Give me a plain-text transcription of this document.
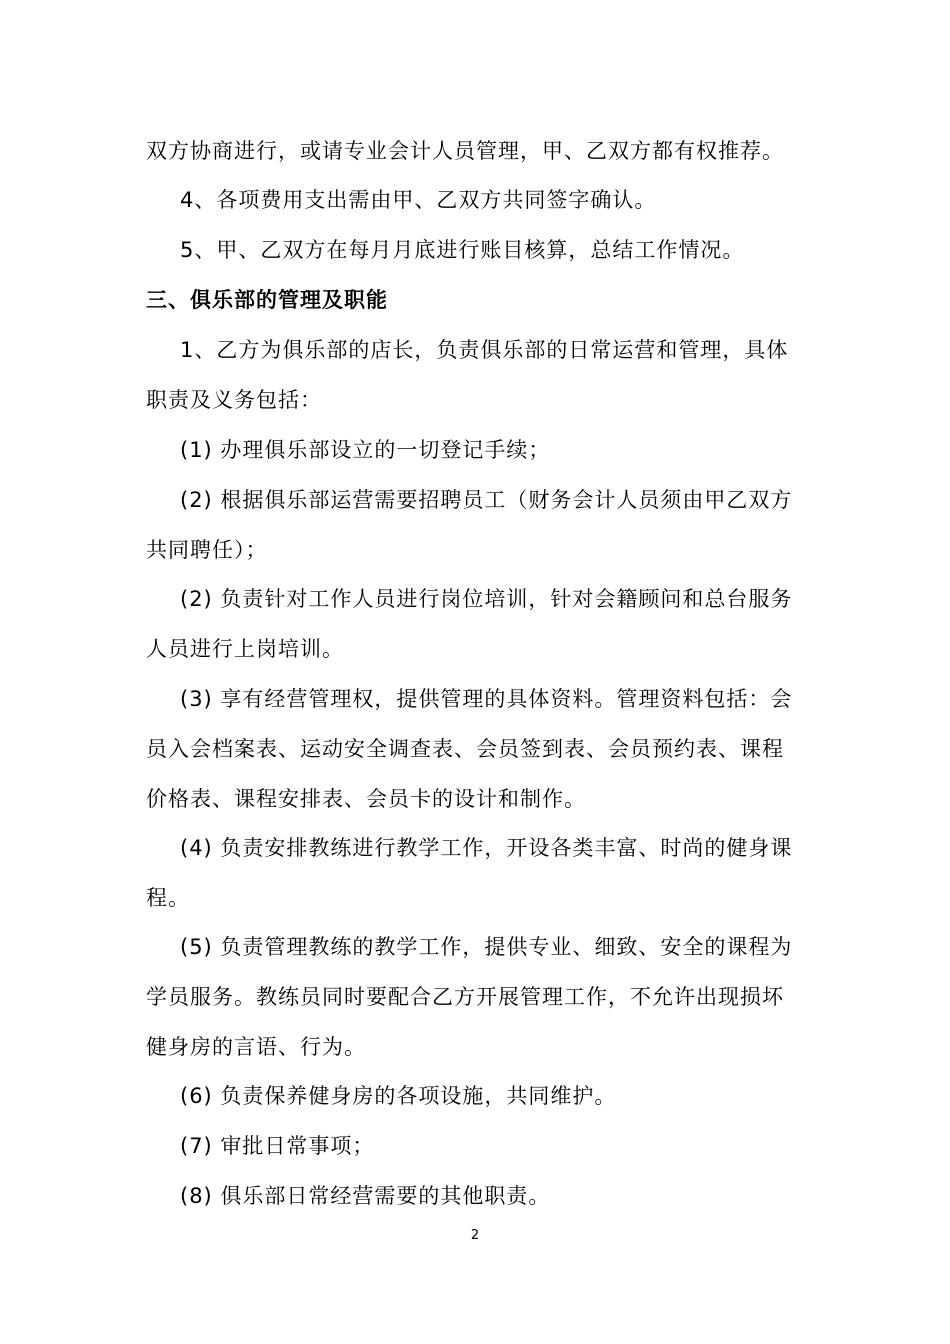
双方协商进行，或请专业会计人员管理，甲、乙双方都有权推荐。
4、各项费用支出需由甲、乙双方共同签字确认。
5、甲、乙双方在每月月底进行账目核算，总结工作情况。
三、俱乐部的管理及职能
1、乙方为俱乐部的店长，负责俱乐部的日常运营和管理，具体
职责及义务包括：
(1) 办理俱乐部设立的一切登记手续；
(2) 根据俱乐部运营需要招聘员工（财务会计人员须由甲乙双方
共同聘任）；
(2) 负责针对工作人员进行岗位培训，针对会籍顾问和总台服务
人员进行上岗培训。
(3) 享有经营管理权，提供管理的具体资料。管理资料包括：会
员入会档案表、运动安全调查表、会员签到表、会员预约表、课程
价格表、课程安排表、会员卡的设计和制作。
(4) 负责安排教练进行教学工作，开设各类丰富、时尚的健身课
程。
(5) 负责管理教练的教学工作，提供专业、细致、安全的课程为
学员服务。教练员同时要配合乙方开展管理工作，不允许出现损坏
健身房的言语、行为。
(6) 负责保养健身房的各项设施，共同维护。
(7) 审批日常事项；
(8) 俱乐部日常经营需要的其他职责。
2
